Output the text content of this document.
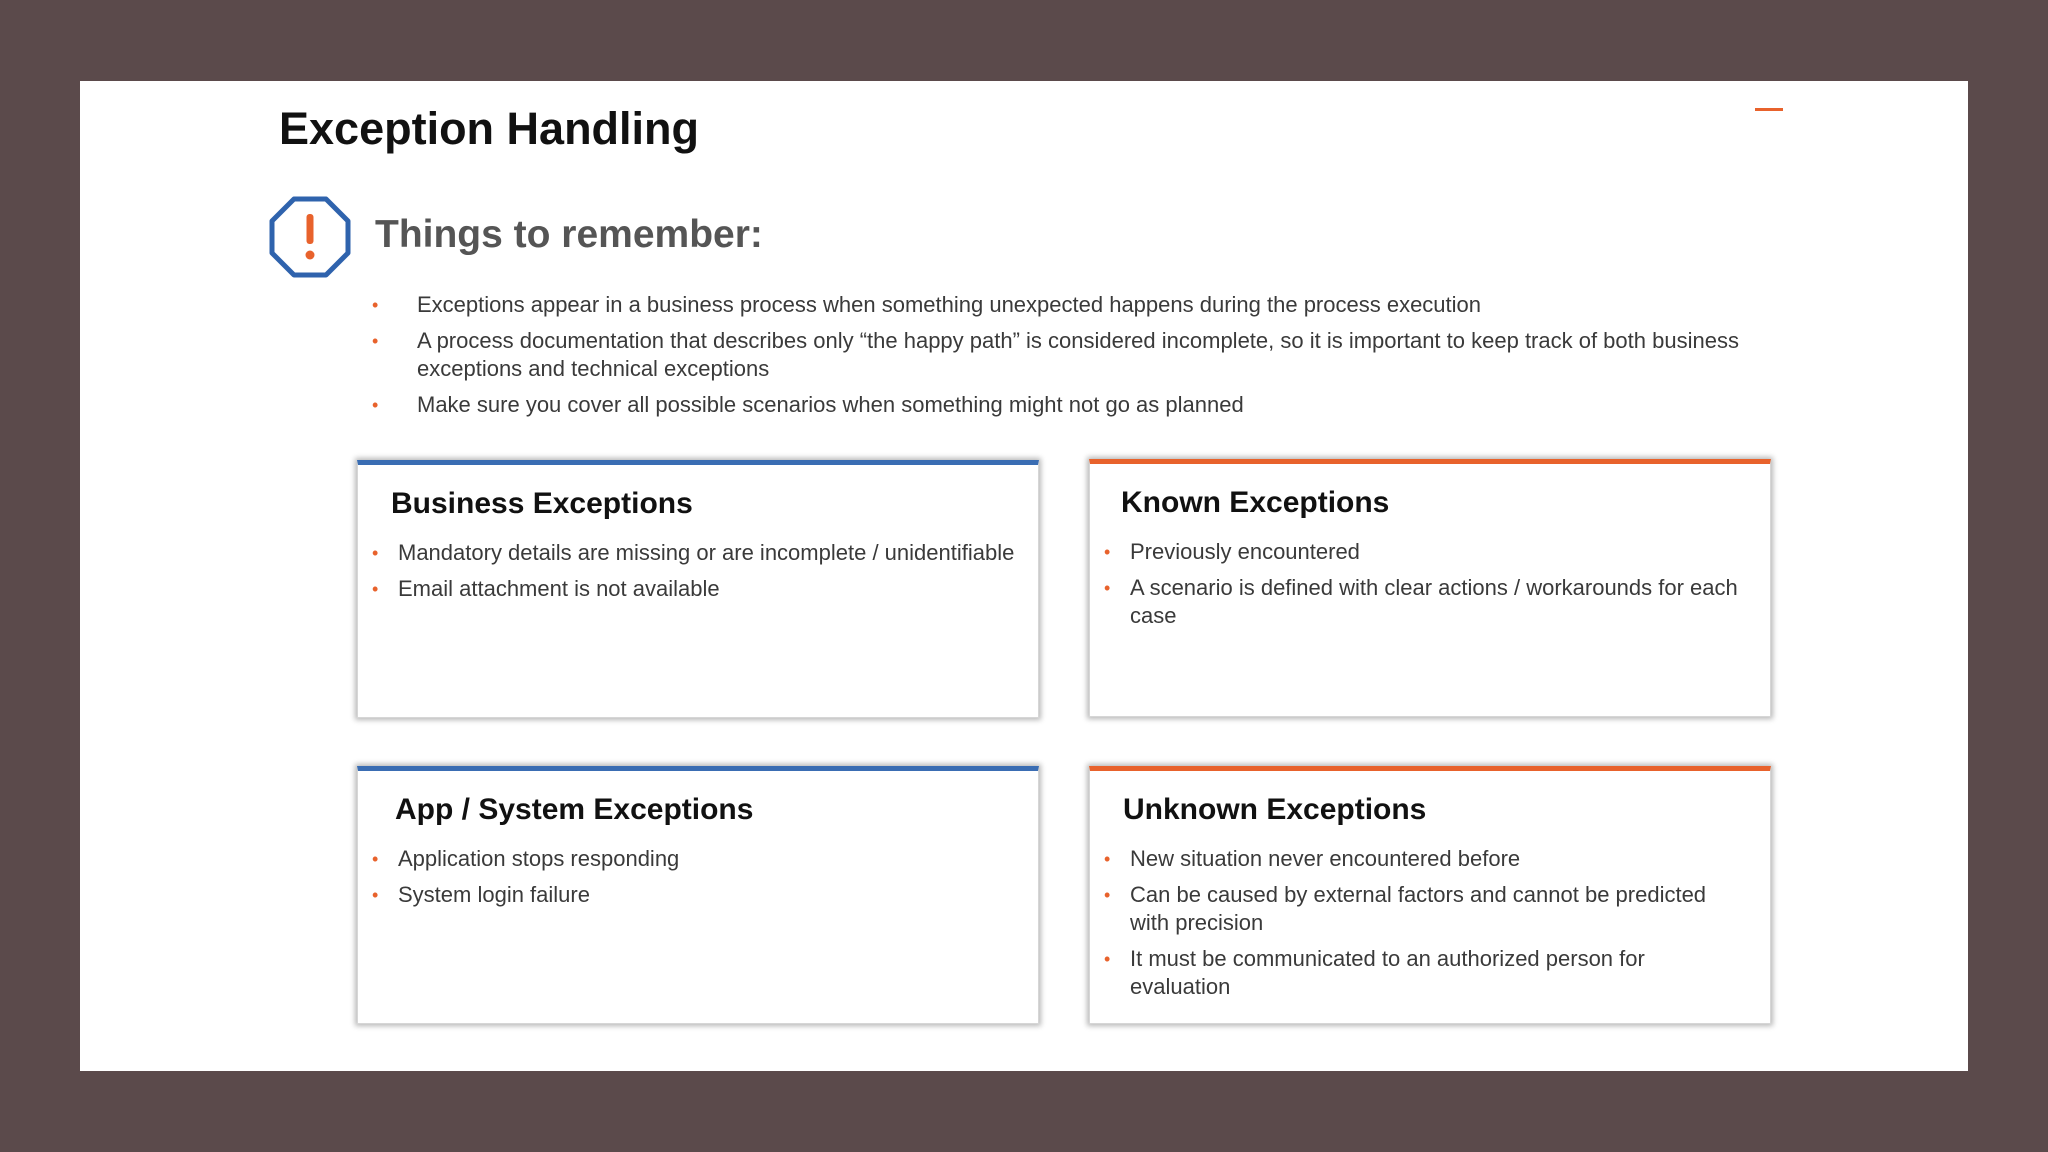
Exception Handling
Things to remember:
• Exceptions appear in a business process when something unexpected happens during the process execution
• A process documentation that describes only “the happy path” is considered incomplete, so it is important to keep track of both business exceptions and technical exceptions
• Make sure you cover all possible scenarios when something might not go as planned
Business Exceptions
• Mandatory details are missing or are incomplete / unidentifiable
• Email attachment is not available
Known Exceptions
• Previously encountered
• A scenario is defined with clear actions / workarounds for each case
App / System Exceptions
• Application stops responding
• System login failure
Unknown Exceptions
• New situation never encountered before
• Can be caused by external factors and cannot be predicted with precision
• It must be communicated to an authorized person for evaluation
